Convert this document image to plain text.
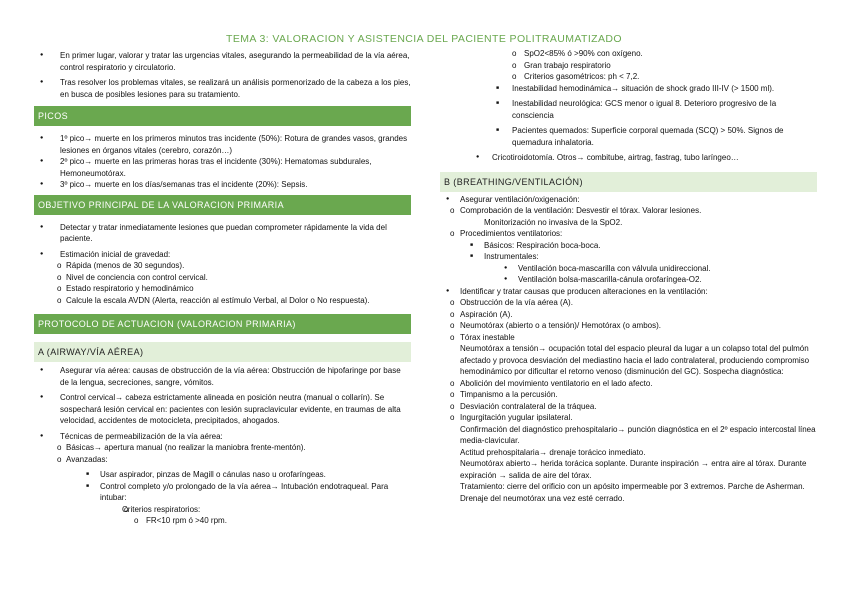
TEMA 3: VALORACION Y ASISTENCIA DEL PACIENTE POLITRAUMATIZADO
● En primer lugar, valorar y tratar las urgencias vitales, asegurando la permeabilidad de la vía aérea, control respiratorio y circulatorio.
● Tras resolver los problemas vitales, se realizará un análisis pormenorizado de la cabeza a los pies, en busca de posibles lesiones para su tratamiento.
PICOS
● 1º pico→ muerte en los primeros minutos tras incidente (50%): Rotura de grandes vasos, grandes lesiones en órganos vitales (cerebro, corazón…)
● 2º pico→ muerte en las primeras horas tras el incidente (30%): Hematomas subdurales, Hemoneumotórax.
● 3º pico→ muerte en los días/semanas tras el incidente (20%): Sepsis.
OBJETIVO PRINCIPAL DE LA VALORACION PRIMARIA
● Detectar y tratar inmediatamente lesiones que puedan comprometer rápidamente la vida del paciente.
● Estimación inicial de gravedad:
o Rápida (menos de 30 segundos).
o Nivel de conciencia con control cervical.
o Estado respiratorio y hemodinámico
o Calcule la escala AVDN (Alerta, reacción al estímulo Verbal, al Dolor o No respuesta).
PROTOCOLO DE ACTUACION (VALORACION PRIMARIA)
A (AIRWAY/VÍA AÉREA)
● Asegurar vía aérea: causas de obstrucción de la vía aérea: Obstrucción de hipofaringe por base de la lengua, secreciones, sangre, vómitos.
● Control cervical→ cabeza estrictamente alineada en posición neutra (manual o collarín). Se sospechará lesión cervical en: pacientes con lesión supraclavicular evidente, en traumas de alta velocidad, accidentes de motocicleta, precipitados, ahogados.
● Técnicas de permeabilización de la vía aérea:
o Básicas→ apertura manual (no realizar la maniobra frente-mentón).
o Avanzadas:
■ Usar aspirador, pinzas de Magill o cánulas naso u orofaríngeas.
■ Control completo y/o prolongado de la vía aérea→ Intubación endotraqueal. Para intubar:
o Criterios respiratorios:
o FR<10 rpm ó >40 rpm.
o SpO2<85% ó >90% con oxígeno.
o Gran trabajo respiratorio
o Criterios gasométricos: ph < 7,2.
■ Inestabilidad hemodinámica→ situación de shock grado III-IV (> 1500 ml).
■ Inestabilidad neurológica: GCS menor o igual 8. Deterioro progresivo de la consciencia
■ Pacientes quemados: Superficie corporal quemada (SCQ) > 50%. Signos de quemadura inhalatoria.
● Cricotiroidotomía. Otros→ combitube, airtrag, fastrag, tubo laríngeo…
B (BREATHING/VENTILACIÓN)
● Asegurar ventilación/oxigenación:
o Comprobación de la ventilación: Desvestir el tórax. Valorar lesiones.
Monitorización no invasiva de la SpO2.
o Procedimientos ventilatorios:
■ Básicos: Respiración boca-boca.
■ Instrumentales:
● Ventilación boca-mascarilla con válvula unidireccional.
● Ventilación bolsa-mascarilla-cánula orofaríngea-O2.
● Identificar y tratar causas que producen alteraciones en la ventilación:
o Obstrucción de la vía aérea (A).
o Aspiración (A).
o Neumotórax (abierto o a tensión)/ Hemotórax (o ambos).
o Tórax inestable
Neumotórax a tensión→ ocupación total del espacio pleural da lugar a un colapso total del pulmón afectado y provoca desviación del mediastino hacia el lado contralateral, produciendo compromiso hemodinámico por dificultar el retorno venoso (disminución del GC). Sospecha diagnóstica:
o Abolición del movimiento ventilatorio en el lado afecto.
o Timpanismo a la percusión.
o Desviación contralateral de la tráquea.
o Ingurgitación yugular ipsilateral.
Confirmación del diagnóstico prehospitalario→ punción diagnóstica en el 2º espacio intercostal línea media-clavicular.
Actitud prehospitalaria→ drenaje torácico inmediato.
Neumotórax abierto→ herida torácica soplante. Durante inspiración → entra aire al tórax. Durante expiración → salida de aire del tórax.
Tratamiento: cierre del orificio con un apósito impermeable por 3 extremos. Parche de Asherman. Drenaje del neumotórax una vez esté cerrado.
